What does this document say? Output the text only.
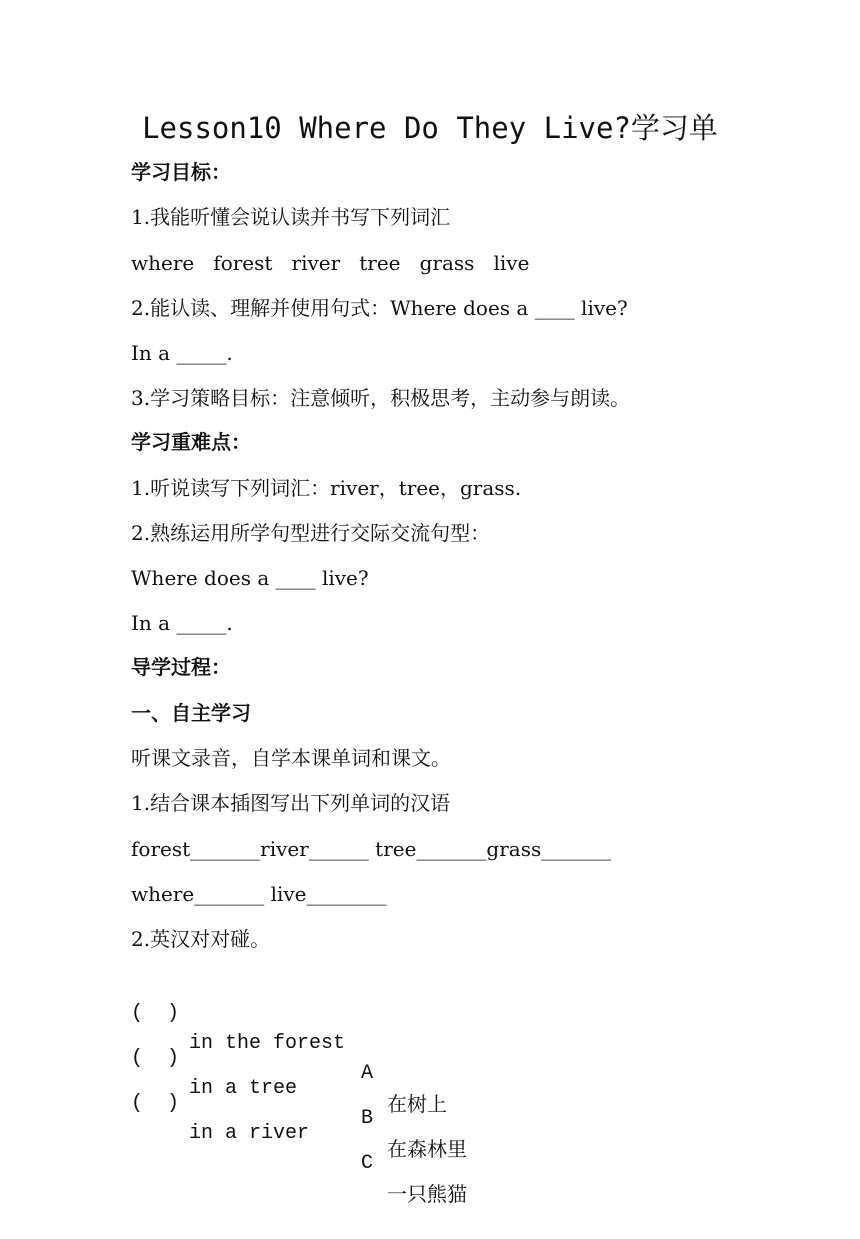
Lesson10 Where Do They Live?学习单
学习目标：
1.我能听懂会说认读并书写下列词汇
where   forest   river   tree   grass   live
2.能认读、理解并使用句式：Where does a ____ live?
In a _____.
3.学习策略目标：注意倾听，积极思考，主动参与朗读。
学习重难点：
1.听说读写下列词汇：river，tree，grass.
2.熟练运用所学句型进行交际交流句型：
Where does a ____ live?
In a _____.
导学过程：
一、自主学习
听课文录音，自学本课单词和课文。
1.结合课本插图写出下列单词的汉语
forest_______river______ tree_______grass_______
where_______ live________
2.英汉对对碰。

(  )

in the forest

A

在树上

(  )

in a tree

B

在森林里

(  )

in a river

C

一只熊猫
